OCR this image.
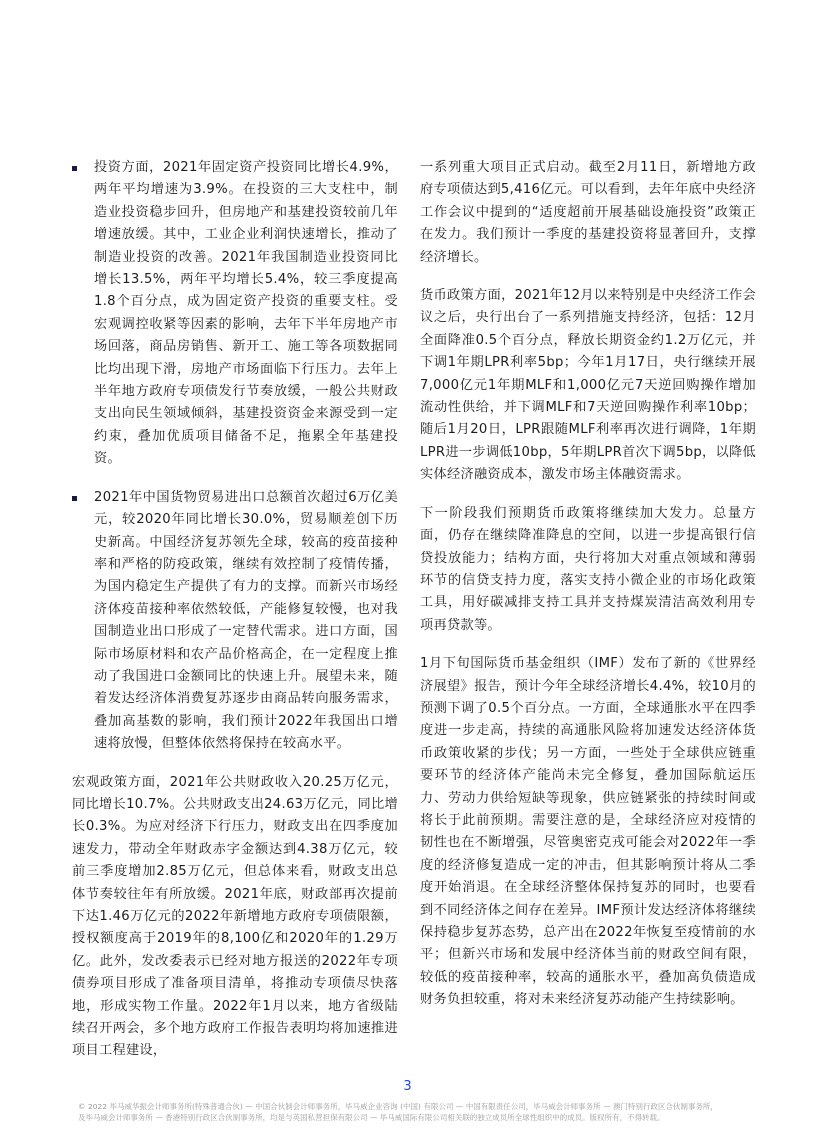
投资方面，2021年固定资产投资同比增长4.9%，两年平均增速为3.9%。在投资的三大支柱中，制造业投资稳步回升，但房地产和基建投资较前几年增速放缓。其中，工业企业利润快速增长，推动了制造业投资的改善。2021年我国制造业投资同比增长13.5%，两年平均增长5.4%，较三季度提高1.8个百分点，成为固定资产投资的重要支柱。受宏观调控收紧等因素的影响，去年下半年房地产市场回落，商品房销售、新开工、施工等各项数据同比均出现下滑，房地产市场面临下行压力。去年上半年地方政府专项债发行节奏放缓，一般公共财政支出向民生领域倾斜，基建投资资金来源受到一定约束，叠加优质项目储备不足，拖累全年基建投资。
2021年中国货物贸易进出口总额首次超过6万亿美元，较2020年同比增长30.0%，贸易顺差创下历史新高。中国经济复苏领先全球，较高的疫苗接种率和严格的防疫政策，继续有效控制了疫情传播，为国内稳定生产提供了有力的支撑。而新兴市场经济体疫苗接种率依然较低，产能修复较慢，也对我国制造业出口形成了一定替代需求。进口方面，国际市场原材料和农产品价格高企，在一定程度上推动了我国进口金额同比的快速上升。展望未来，随着发达经济体消费复苏逐步由商品转向服务需求，叠加高基数的影响，我们预计2022年我国出口增速将放慢，但整体依然将保持在较高水平。

宏观政策方面，2021年公共财政收入20.25万亿元，同比增长10.7%。公共财政支出24.63万亿元，同比增长0.3%。为应对经济下行压力，财政支出在四季度加速发力，带动全年财政赤字金额达到4.38万亿元，较前三季度增加2.85万亿元，但总体来看，财政支出总体节奏较往年有所放缓。2021年底，财政部再次提前下达1.46万亿元的2022年新增地方政府专项债限额，授权额度高于2019年的8,100亿和2020年的1.29万亿。此外，发改委表示已经对地方报送的2022年专项债券项目形成了准备项目清单，将推动专项债尽快落地，形成实物工作量。2022年1月以来，地方省级陆续召开两会，多个地方政府工作报告表明均将加速推进项目工程建设，

一系列重大项目正式启动。截至2月11日，新增地方政府专项债达到5,416亿元。可以看到，去年年底中央经济工作会议中提到的“适度超前开展基础设施投资”政策正在发力。我们预计一季度的基建投资将显著回升，支撑经济增长。

货币政策方面，2021年12月以来特别是中央经济工作会议之后，央行出台了一系列措施支持经济，包括：12月全面降准0.5个百分点，释放长期资金约1.2万亿元，并下调1年期LPR利率5bp；今年1月17日，央行继续开展7,000亿元1年期MLF和1,000亿元7天逆回购操作增加流动性供给，并下调MLF和7天逆回购操作利率10bp；随后1月20日，LPR跟随MLF利率再次进行调降，1年期LPR进一步调低10bp，5年期LPR首次下调5bp，以降低实体经济融资成本，激发市场主体融资需求。

下一阶段我们预期货币政策将继续加大发力。总量方面，仍存在继续降准降息的空间，以进一步提高银行信贷投放能力；结构方面，央行将加大对重点领域和薄弱环节的信贷支持力度，落实支持小微企业的市场化政策工具，用好碳减排支持工具并支持煤炭清洁高效利用专项再贷款等。

1月下旬国际货币基金组织（IMF）发布了新的《世界经济展望》报告，预计今年全球经济增长4.4%，较10月的预测下调了0.5个百分点。一方面，全球通胀水平在四季度进一步走高，持续的高通胀风险将加速发达经济体货币政策收紧的步伐；另一方面，一些处于全球供应链重要环节的经济体产能尚未完全修复，叠加国际航运压力、劳动力供给短缺等现象，供应链紧张的持续时间或将长于此前预期。需要注意的是，全球经济应对疫情的韧性也在不断增强，尽管奥密克戎可能会对2022年一季度的经济修复造成一定的冲击，但其影响预计将从二季度开始消退。在全球经济整体保持复苏的同时，也要看到不同经济体之间存在差异。IMF预计发达经济体将继续保持稳步复苏态势，总产出在2022年恢复至疫情前的水平；但新兴市场和发展中经济体当前的财政空间有限，较低的疫苗接种率，较高的通胀水平，叠加高负债造成财务负担较重，将对未来经济复苏动能产生持续影响。

3
© 2022 毕马威华振会计师事务所(特殊普通合伙) — 中国合伙制会计师事务所，毕马威企业咨询 (中国) 有限公司 — 中国有限责任公司，毕马威会计师事务所 — 澳门特别行政区合伙制事务所，
及毕马威会计师事务所 — 香港特别行政区合伙制事务所，均是与英国私营担保有限公司 — 毕马威国际有限公司相关联的独立成员所全球性组织中的成员。版权所有，不得转载。
